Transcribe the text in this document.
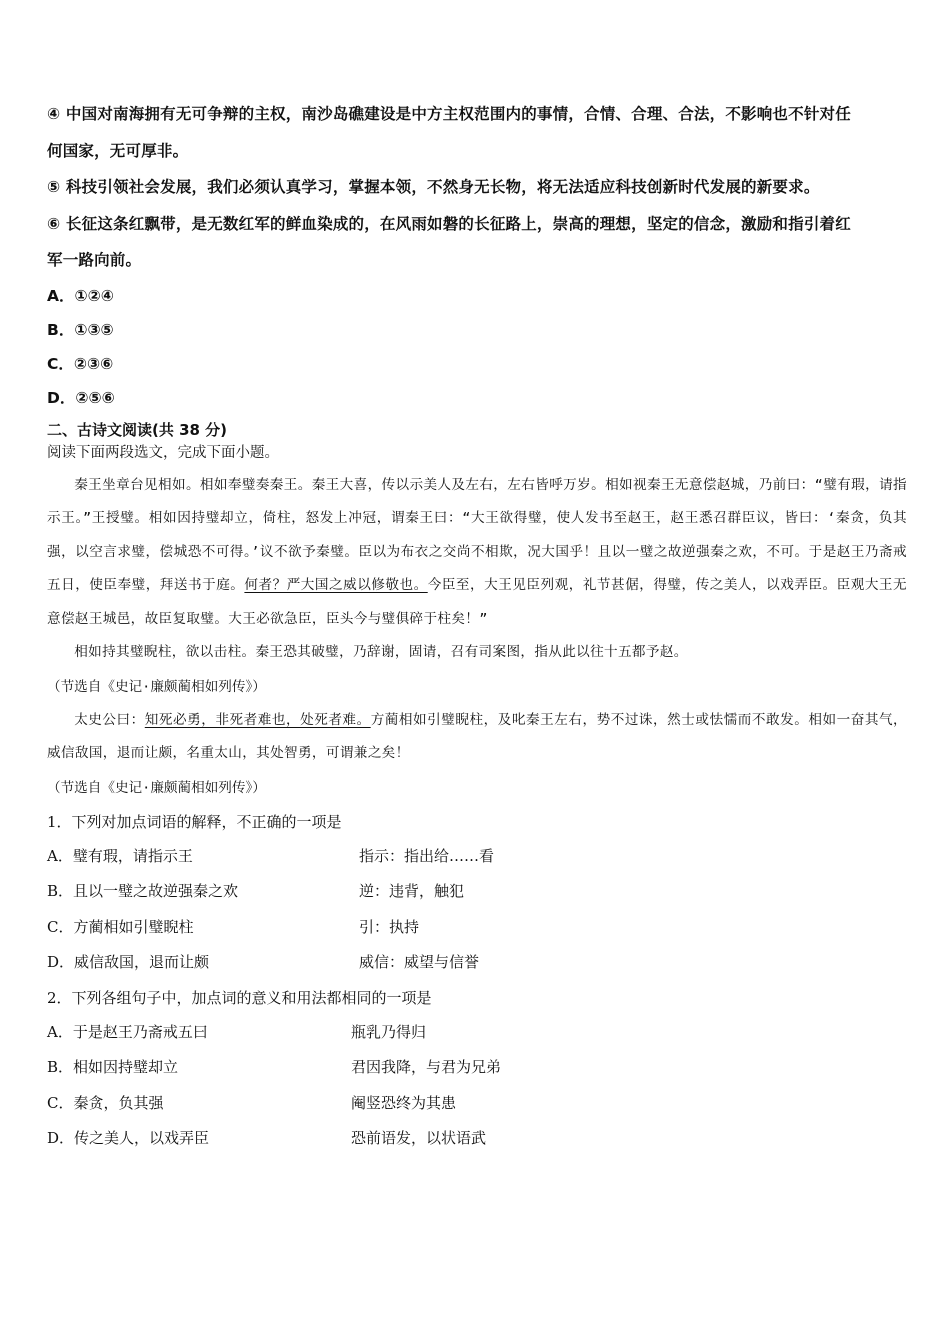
④ 中国对南海拥有无可争辩的主权，南沙岛礁建设是中方主权范围内的事情，合情、合理、合法，不影响也不针对任

何国家，无可厚非。

⑤ 科技引领社会发展，我们必须认真学习，掌握本领，不然身无长物，将无法适应科技创新时代发展的新要求。

⑥ 长征这条红飘带，是无数红军的鲜血染成的，在风雨如磐的长征路上，崇高的理想，坚定的信念，激励和指引着红

军一路向前。

A．①②④

B．①③⑤

C．②③⑥

D．②⑤⑥

二、古诗文阅读(共 38 分)

阅读下面两段选文，完成下面小题。

秦王坐章台见相如。相如奉璧奏秦王。秦王大喜，传以示美人及左右，左右皆呼万岁。相如视秦王无意偿赵城，乃前曰：“璧有瑕，请指示王。”王授璧。相如因持璧却立，倚柱，怒发上冲冠，谓秦王曰：“大王欲得璧，使人发书至赵王，赵王悉召群臣议，皆曰：‘秦贪，负其强，以空言求璧，偿城恐不可得。’议不欲予秦璧。臣以为布衣之交尚不相欺，况大国乎！且以一璧之故逆强秦之欢，不可。于是赵王乃斋戒五日，使臣奉璧，拜送书于庭。何者？严大国之威以修敬也。今臣至，大王见臣列观，礼节甚倨，得璧，传之美人，以戏弄臣。臣观大王无意偿赵王城邑，故臣复取璧。大王必欲急臣，臣头今与璧俱碎于柱矣！”

相如持其璧睨柱，欲以击柱。秦王恐其破璧，乃辞谢，固请，召有司案图，指从此以往十五都予赵。

（节选自《史记·廉颇蔺相如列传》）

太史公曰：知死必勇，非死者难也，处死者难。方蔺相如引璧睨柱，及叱秦王左右，势不过诛，然士或怯懦而不敢发。相如一奋其气，威信敌国，退而让颇，名重太山，其处智勇，可谓兼之矣！

（节选自《史记·廉颇蔺相如列传》）

1．下列对加点词语的解释，不正确的一项是

A．璧有瑕，请指示王	指示：指出给……看
B．且以一璧之故逆强秦之欢	逆：违背，触犯
C．方蔺相如引璧睨柱	引：执持
D．威信敌国，退而让颇	威信：威望与信誉

2．下列各组句子中，加点词的意义和用法都相同的一项是

A．于是赵王乃斋戒五曰	瓶乳乃得归
B．相如因持璧却立	君因我降，与君为兄弟
C．秦贪，负其强	阉竖恐终为其患
D．传之美人，以戏弄臣	恐前语发，以状语武
